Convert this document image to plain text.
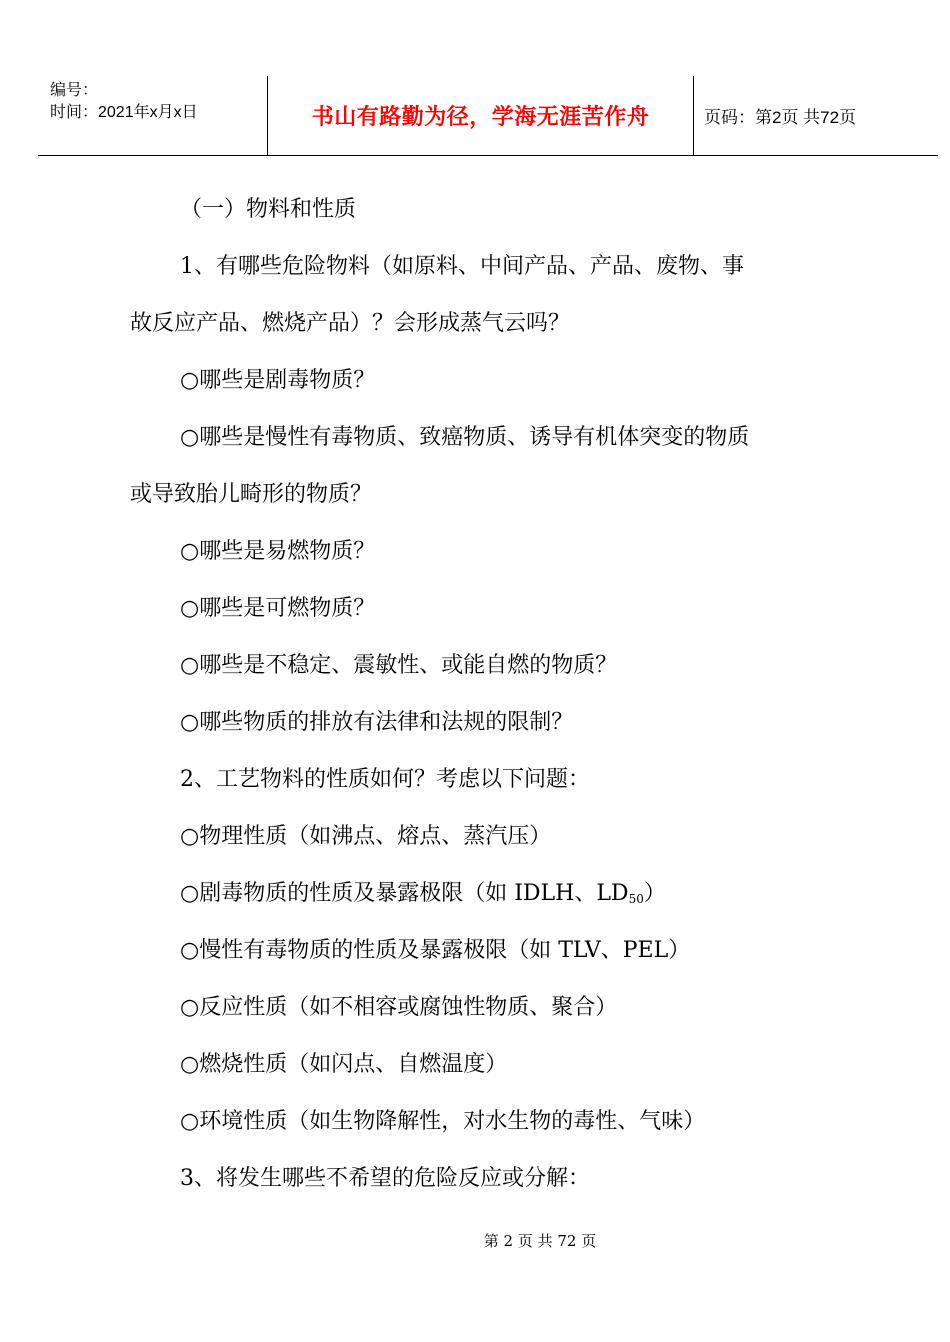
编号：
时间：2021年x月x日	书山有路勤为径，学海无涯苦作舟	页码：第2页 共72页

（一）物料和性质

1、有哪些危险物料（如原料、中间产品、产品、废物、事

故反应产品、燃烧产品）？会形成蒸气云吗？

○哪些是剧毒物质？

○哪些是慢性有毒物质、致癌物质、诱导有机体突变的物质

或导致胎儿畸形的物质？

○哪些是易燃物质？

○哪些是可燃物质？

○哪些是不稳定、震敏性、或能自燃的物质？

○哪些物质的排放有法律和法规的限制？

2、工艺物料的性质如何？考虑以下问题：

○物理性质（如沸点、熔点、蒸汽压）

○剧毒物质的性质及暴露极限（如 IDLH、$LD_{50}$）

○慢性有毒物质的性质及暴露极限（如 TLV、PEL）

○反应性质（如不相容或腐蚀性物质、聚合）

○燃烧性质（如闪点、自燃温度）

○环境性质（如生物降解性，对水生物的毒性、气味）

3、将发生哪些不希望的危险反应或分解：

第 2 页 共 72 页
